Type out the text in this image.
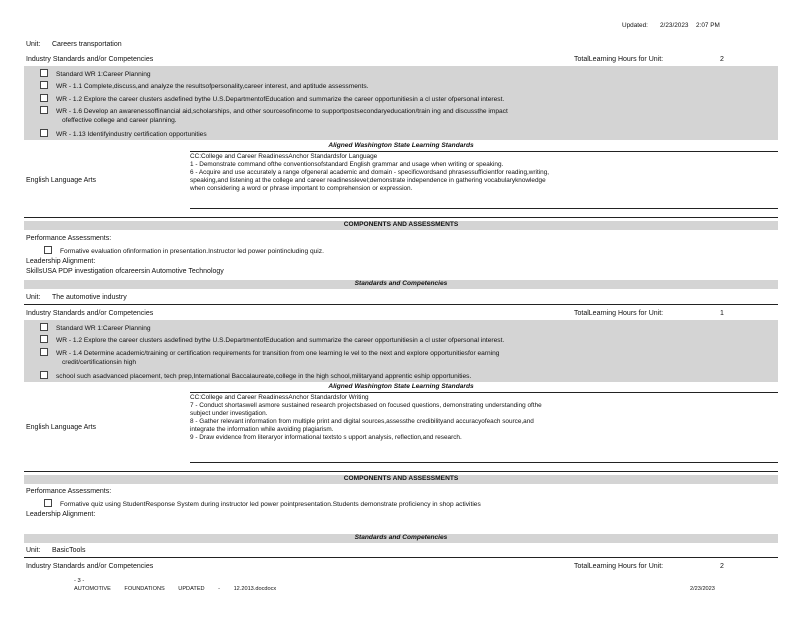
Updated: 2/23/2023 2:07 PM
Unit: Careers transportation
Industry Standards and/or Competencies	TotalLearning Hours for Unit:	2
Standard WR 1:Career Planning
WR - 1.1 Complete,discuss,and analyze the resultsofpersonality,career interest, and aptitude assessments.
WR - 1.2 Explore the career clusters asdefined bythe U.S.DepartmentofEducation and summarize the career opportunitiesin a cl uster ofpersonal interest.
WR - 1.6 Develop an awarenessoffinancial aid,scholarships, and other sourcesofincome to supportpostsecondaryeducation/train ing and discussthe impact
ofeffective college and career planning.
WR - 1.13 Identifyindustry certification opportunities
Aligned Washington State Learning Standards
English Language Arts
CC:College and Career ReadinessAnchor Standardsfor Language
1 - Demonstrate command ofthe conventionsofstandard English grammar and usage when writing or speaking.
6 - Acquire and use accurately a range ofgeneral academic and domain - specificwordsand phrasessufficientfor reading,writing,
speaking,and listening at the college and career readinesslevel;demonstrate independence in gathering vocabularyknowledge
when considering a word or phrase important to comprehension or expression.
COMPONENTS AND ASSESSMENTS
Performance Assessments:
Formative evaluation ofinformation in presentation.Instructor led power pointincluding quiz.
Leadership Alignment:
SkillsUSA PDP investigation ofcareersin Automotive Technology
Standards and Competencies
Unit: The automotive industry
Industry Standards and/or Competencies	TotalLearning Hours for Unit:	1
Standard WR 1:Career Planning
WR - 1.2 Explore the career clusters asdefined bythe U.S.DepartmentofEducation and summarize the career opportunitiesin a cl uster ofpersonal interest.
WR - 1.4 Determine academic/training or certification requirements for transition from one learning le vel to the next and explore opportunitiesfor earning
credit/certificationsin high
school such asadvanced placement, tech prep,International Baccalaureate,college in the high school,militaryand apprentic eship opportunities.
Aligned Washington State Learning Standards
English Language Arts
CC:College and Career ReadinessAnchor Standardsfor Writing
7 - Conduct shortaswell asmore sustained research projectsbased on focused questions, demonstrating understanding ofthe
subject under investigation.
8 - Gather relevant information from multiple print and digital sources,assessthe credibilityand accuracyofeach source,and
integrate the information while avoiding plagiarism.
9 - Draw evidence from literaryor informational textsto s upport analysis, reflection,and research.
COMPONENTS AND ASSESSMENTS
Performance Assessments:
Formative quiz using StudentResponse System during instructor led power pointpresentation.Students demonstrate proficiency in shop activities
Leadership Alignment:
Standards and Competencies
Unit: BasicTools
Industry Standards and/or Competencies	TotalLearning Hours for Unit:	2
- 3 -
AUTOMOTIVE FOUNDATIONS UPDATED - 12.2013.docdocx	2/23/2023
